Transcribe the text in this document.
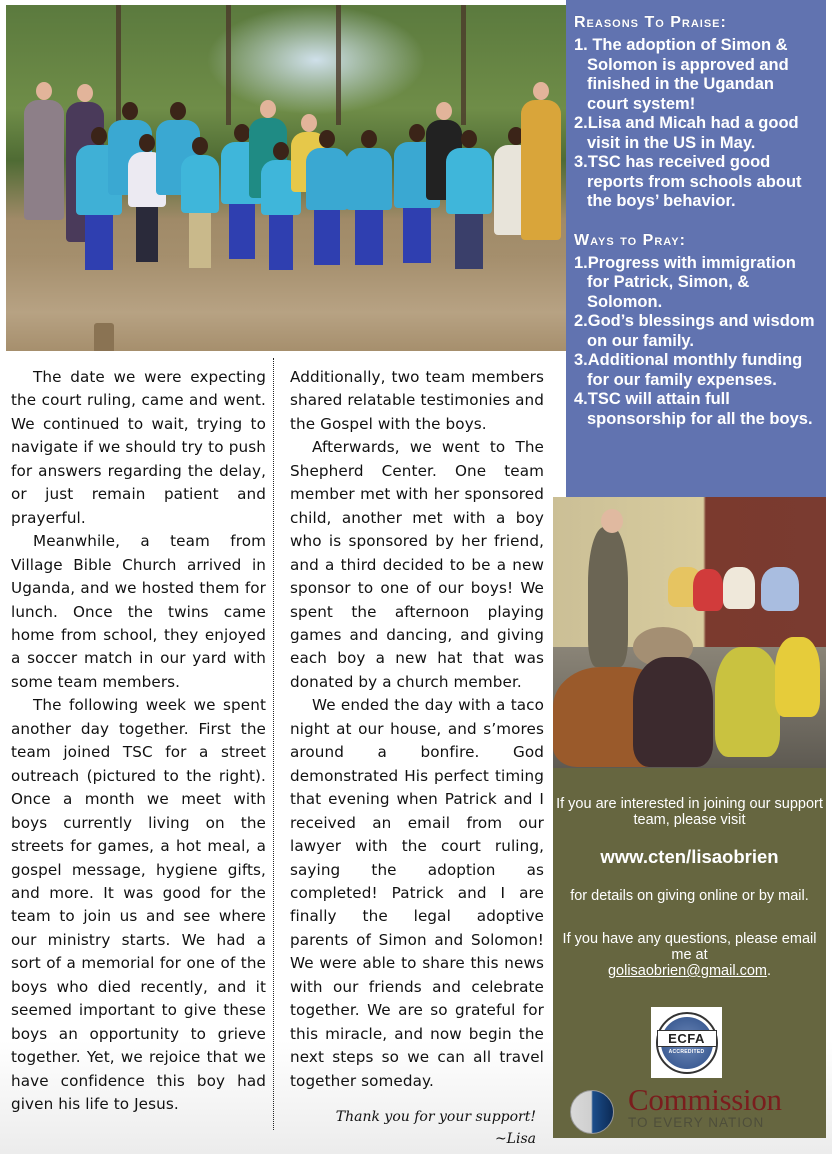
Reasons To Praise:
1. The adoption of Simon & Solomon is approved and finished in the Ugandan court system!
2.Lisa and Micah had a good visit in the US in May.
3.TSC has received good reports from schools about the boys’ behavior.
Ways to Pray:
1.Progress with immigration for Patrick, Simon, & Solomon.
2.God’s blessings and wisdom on our family.
3.Additional monthly funding for our family expenses.
4.TSC will attain full sponsorship for all the boys.

The date we were expecting the court ruling, came and went. We continued to wait, trying to navigate if we should try to push for answers regarding the delay, or just remain patient and prayerful.

Meanwhile, a team from Village Bible Church arrived in Uganda, and we hosted them for lunch. Once the twins came home from school, they enjoyed a soccer match in our yard with some team members.

The following week we spent another day together. First the team joined TSC for a street outreach (pictured to the right). Once a month we meet with boys currently living on the streets for games, a hot meal, a gospel message, hygiene gifts, and more. It was good for the team to join us and see where our ministry starts. We had a sort of a memorial for one of the boys who died recently, and it seemed important to give these boys an opportunity to grieve together. Yet, we rejoice that we have confidence this boy had given his life to Jesus.

Additionally, two team members shared relatable testimonies and the Gospel with the boys.

Afterwards, we went to The Shepherd Center. One team member met with her sponsored child, another met with a boy who is sponsored by her friend, and a third decided to be a new sponsor to one of our boys! We spent the afternoon playing games and dancing, and giving each boy a new hat that was donated by a church member.

We ended the day with a taco night at our house, and s’mores around a bonfire. God demonstrated His perfect timing that evening when Patrick and I received an email from our lawyer with the court ruling, saying the adoption as completed! Patrick and I are finally the legal adoptive parents of Simon and Solomon! We were able to share this news with our friends and celebrate together. We are so grateful for this miracle, and now begin the next steps so we can all travel together someday.

Thank you for your support!
~Lisa
If you are interested in joining our support team, please visit
www.cten/lisaobrien
for details on giving online or by mail.
If you have any questions, please email me at
golisaobrien@gmail.com.
ECFA
ACCREDITED
Commission
TO EVERY NATION
